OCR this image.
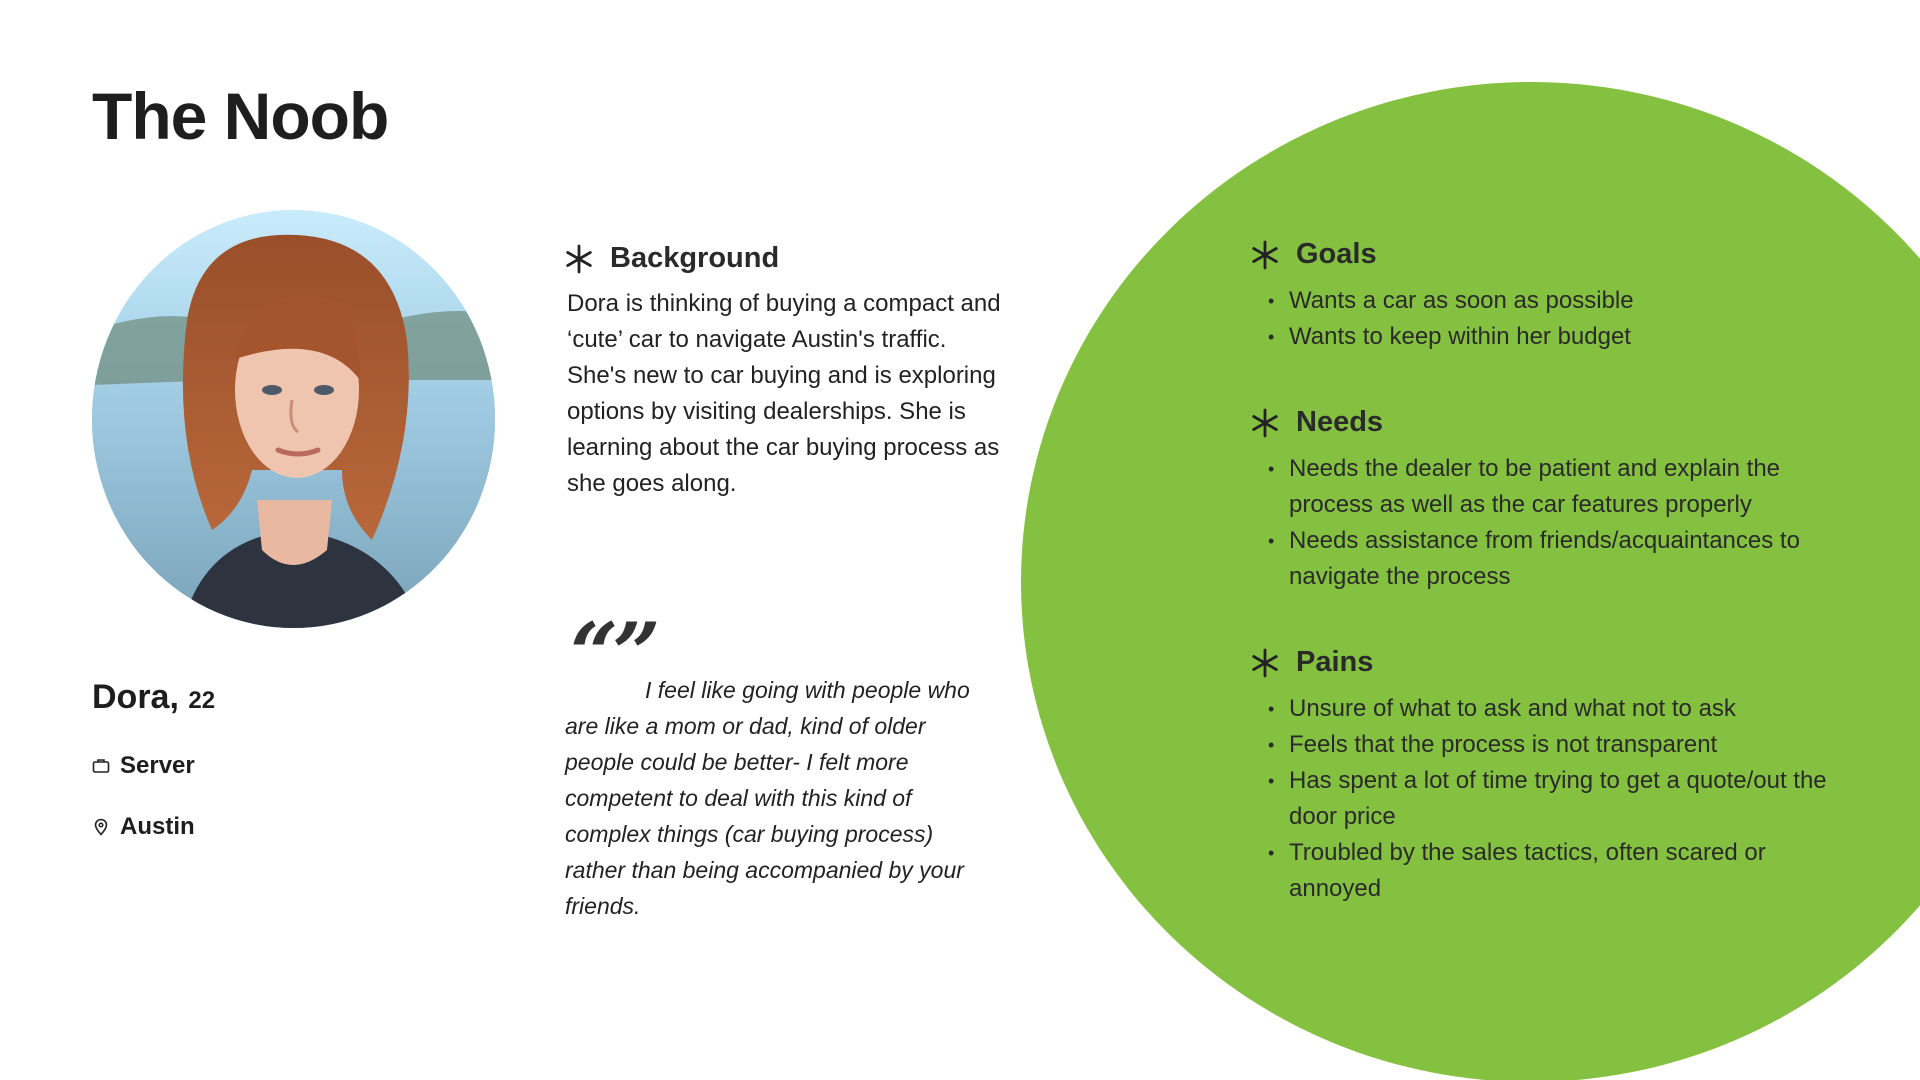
The Noob
Dora, 22
Server
Austin
Background
Dora is thinking of buying a compact and ‘cute’ car to navigate Austin's traffic. She's new to car buying and is exploring options by visiting dealerships. She is learning about the car buying process as she goes along.
“”
I feel like going with people who are like a mom or dad, kind of older people could be better- I felt more competent to deal with this kind of complex things (car buying process) rather than being accompanied by your friends.
Goals
• Wants a car as soon as possible
• Wants to keep within her budget
Needs
• Needs the dealer to be patient and explain the process as well as the car features properly
• Needs assistance from friends/acquaintances to navigate the process
Pains
• Unsure of what to ask and what not to ask
• Feels that the process is not transparent
• Has spent a lot of time trying to get a quote/out the door price
• Troubled by the sales tactics, often scared or annoyed
